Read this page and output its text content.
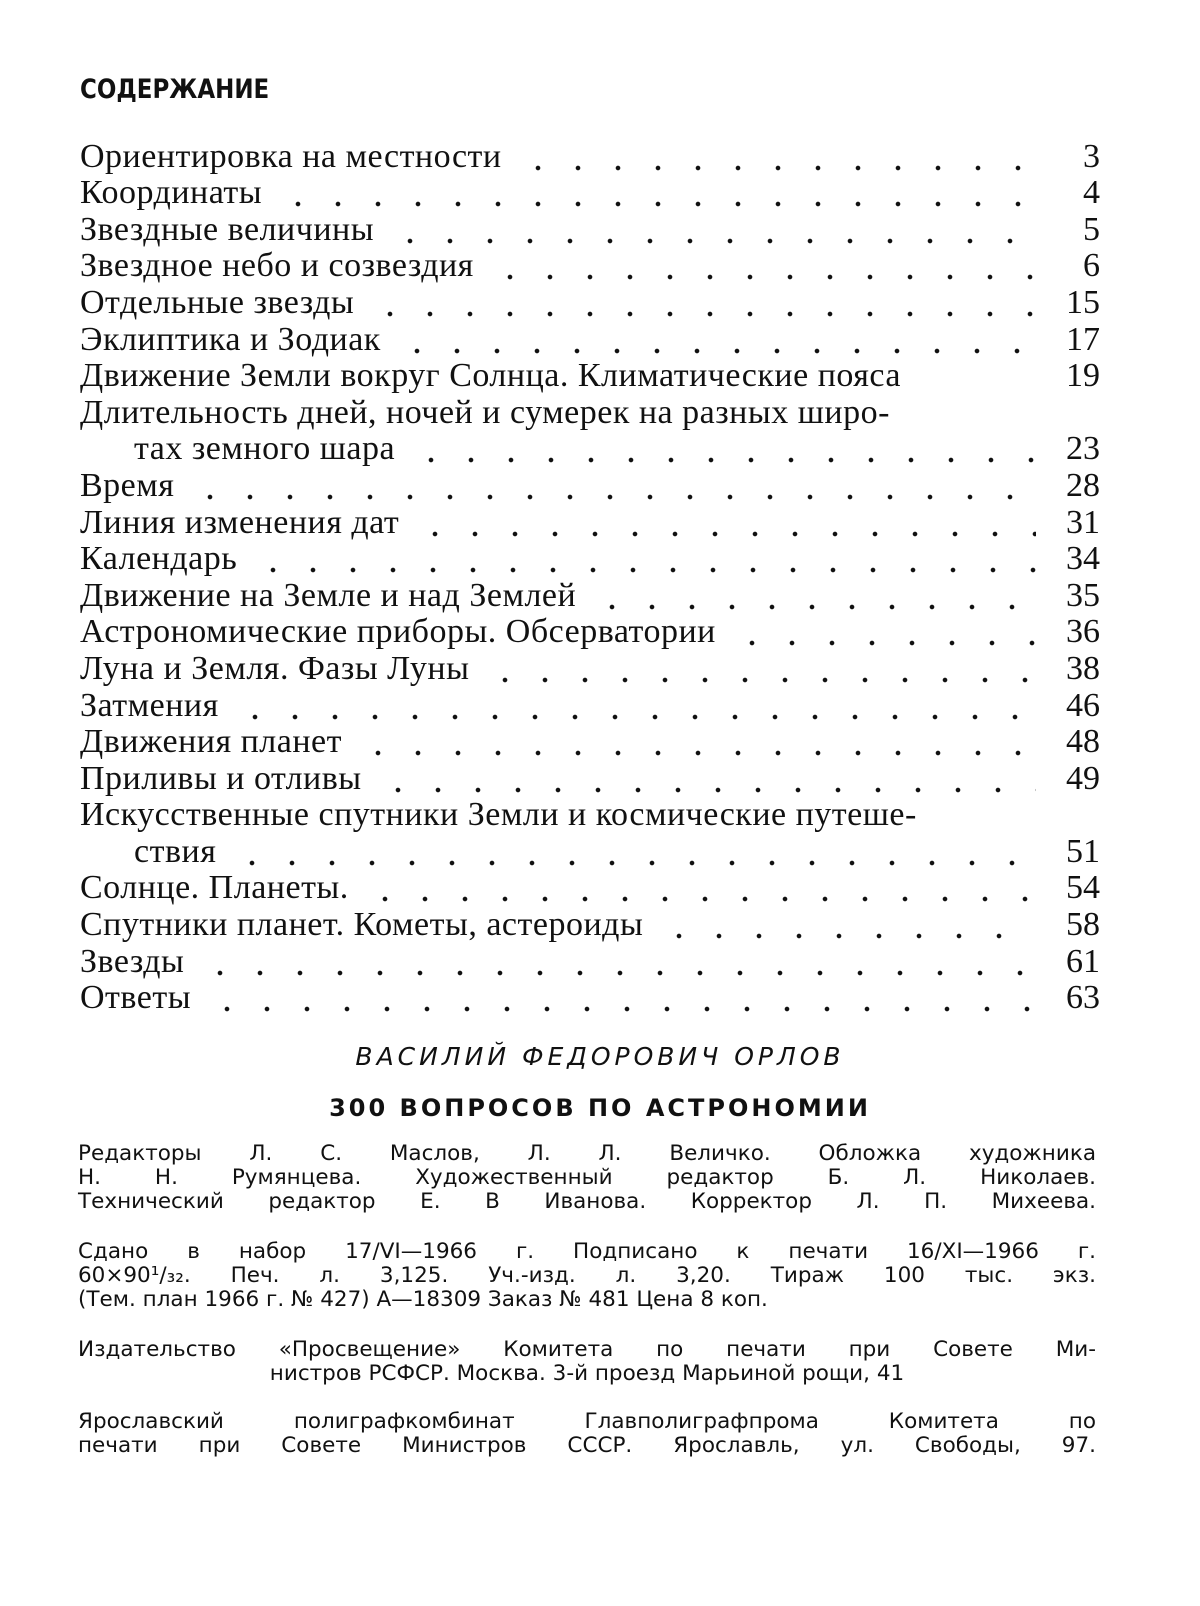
СОДЕРЖАНИЕ
Ориентировка на местности	3
Координаты	4
Звездные величины	5
Звездное небо и созвездия	6
Отдельные звезды	15
Эклиптика и Зодиак	17
Движение Земли вокруг Солнца. Климатические пояса	19
Длительность дней, ночей и сумерек на разных широ-
тах земного шара	23
Время	28
Линия изменения дат	31
Календарь	34
Движение на Земле и над Землей	35
Астрономические приборы. Обсерватории	36
Луна и Земля. Фазы Луны	38
Затмения	46
Движения планет	48
Приливы и отливы	49
Искусственные спутники Земли и космические путеше-
ствия	51
Солнце. Планеты.	54
Спутники планет. Кометы, астероиды	58
Звезды	61
Ответы	63
ВАСИЛИЙ ФЕДОРОВИЧ ОРЛОВ
300 ВОПРОСОВ ПО АСТРОНОМИИ
Редакторы Л. С. Маслов, Л. Л. Величко. Обложка художника
Н. Н. Румянцева. Художественный редактор Б. Л. Николаев.
Технический редактор Е. В Иванова. Корректор Л. П. Михеева.
Сдано в набор 17/VI—1966 г. Подписано к печати 16/XI—1966 г.
60×90¹/₃₂. Печ. л. 3,125. Уч.-изд. л. 3,20. Тираж 100 тыс. экз.
(Тем. план 1966 г. № 427) А—18309 Заказ № 481 Цена 8 коп.
Издательство «Просвещение» Комитета по печати при Совете Ми-
нистров РСФСР. Москва. 3-й проезд Марьиной рощи, 41
Ярославский полиграфкомбинат Главполиграфпрома Комитета по
печати при Совете Министров СССР. Ярославль, ул. Свободы, 97.
